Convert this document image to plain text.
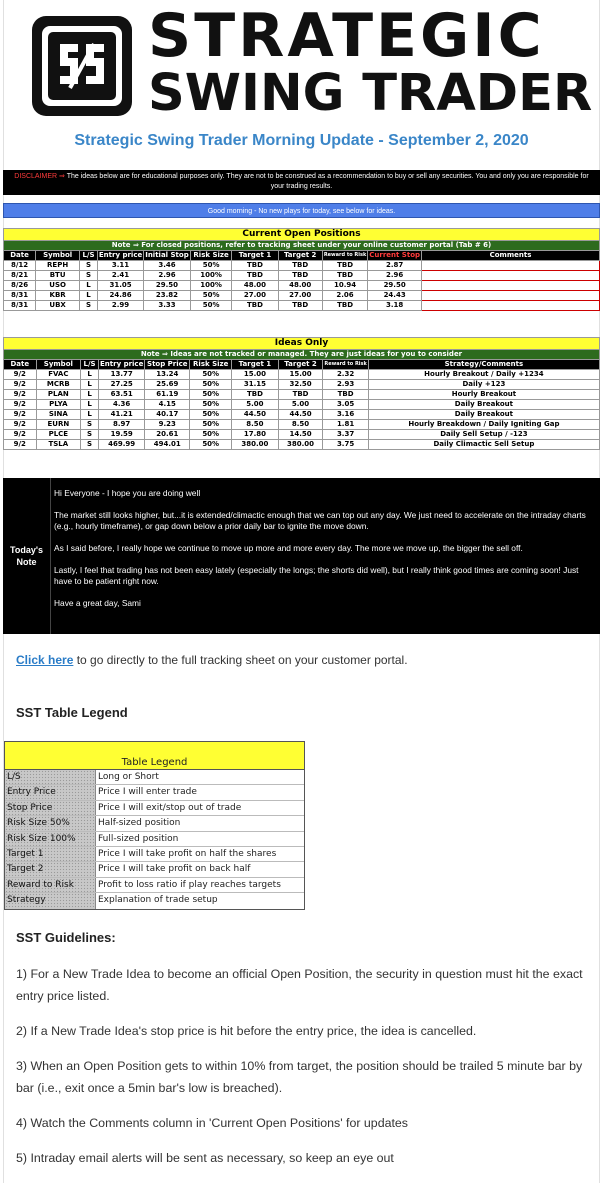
STRATEGIC
SWING TRADER
Strategic Swing Trader Morning Update - September 2, 2020
DISCLAIMER ⇒ The ideas below are for educational purposes only. They are not to be construed as a recommendation to buy or sell any securities. You and only you are responsible for your trading results.
Good morning - No new plays for today, see below for ideas.
Current Open Positions										
Note ⇒ For closed positions, refer to tracking sheet under your online customer portal (Tab # 6)										
Date	Symbol	L/S	Entry price	Initial Stop	Risk Size	Target 1	Target 2	Reward to Risk	Current Stop	Comments
8/12	REPH	S	3.11	3.46	50%	TBD	TBD	TBD	2.87	
8/21	BTU	S	2.41	2.96	100%	TBD	TBD	TBD	2.96	
8/26	USO	L	31.05	29.50	100%	48.00	48.00	10.94	29.50	
8/31	KBR	L	24.86	23.82	50%	27.00	27.00	2.06	24.43	
8/31	UBX	S	2.99	3.33	50%	TBD	TBD	TBD	3.18	
Ideas Only									
Note ⇒ Ideas are not tracked or managed. They are just ideas for you to consider									
Date	Symbol	L/S	Entry price	Stop Price	Risk Size	Target 1	Target 2	Reward to Risk	Strategy/Comments
9/2	FVAC	L	13.77	13.24	50%	15.00	15.00	2.32	Hourly Breakout / Daily +1234
9/2	MCRB	L	27.25	25.69	50%	31.15	32.50	2.93	Daily +123
9/2	PLAN	L	63.51	61.19	50%	TBD	TBD	TBD	Hourly Breakout
9/2	PLYA	L	4.36	4.15	50%	5.00	5.00	3.05	Daily Breakout
9/2	SINA	L	41.21	40.17	50%	44.50	44.50	3.16	Daily Breakout
9/2	EURN	S	8.97	9.23	50%	8.50	8.50	1.81	Hourly Breakdown / Daily Igniting Gap
9/2	PLCE	S	19.59	20.61	50%	17.80	14.50	3.37	Daily Sell Setup / -123
9/2	TSLA	S	469.99	494.01	50%	380.00	380.00	3.75	Daily Climactic Sell Setup
Today's Note

Hi Everyone - I hope you are doing well

The market still looks higher, but...it is extended/climactic enough that we can top out any day. We just need to accelerate on the intraday charts (e.g., hourly timeframe), or gap down below a prior daily bar to ignite the move down.

As I said before, I really hope we continue to move up more and more every day. The more we move up, the bigger the sell off.

Lastly, I feel that trading has not been easy lately (especially the longs; the shorts did well), but I really think good times are coming soon! Just have to be patient right now.

Have a great day, Sami

Click here to go directly to the full tracking sheet on your customer portal.
SST Table Legend
Table Legend
L/S	Long or Short
Entry Price	Price I will enter trade
Stop Price	Price I will exit/stop out of trade
Risk Size 50%	Half-sized position
Risk Size 100%	Full-sized position
Target 1	Price I will take profit on half the shares
Target 2	Price I will take profit on back half
Reward to Risk	Profit to loss ratio if play reaches targets
Strategy	Explanation of trade setup
SST Guidelines:

1) For a New Trade Idea to become an official Open Position, the security in question must hit the exact entry price listed.

2) If a New Trade Idea's stop price is hit before the entry price, the idea is cancelled.

3) When an Open Position gets to within 10% from target, the position should be trailed 5 minute bar by bar (i.e., exit once a 5min bar's low is breached).

4) Watch the Comments column in 'Current Open Positions' for updates

5) Intraday email alerts will be sent as necessary, so keep an eye out
